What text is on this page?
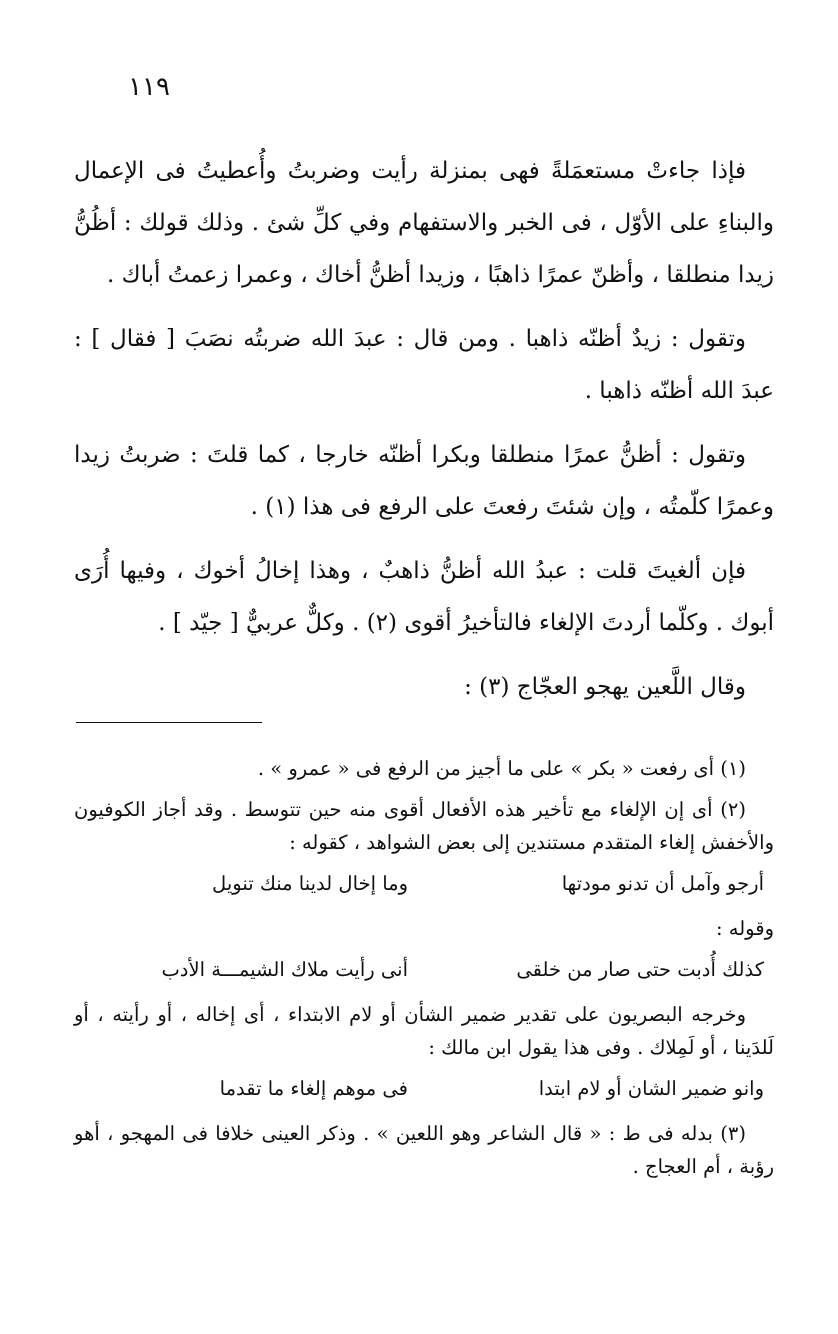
١١٩

فإذا جاءتْ مستعمَلةً فهى بمنزلة رأيت وضربتُ وأُعطيتُ فى الإعمال والبناءِ على الأوّل ، فى الخبر والاستفهام وفي كلِّ شئ . وذلك قولك : أظُنُّ زيدا منطلقا ، وأظنّ عمرًا ذاهبًا ، وزيدا أظنُّ أخاك ، وعمرا زعمتُ أباك .

وتقول : زيدٌ أظنّه ذاهبا . ومن قال : عبدَ الله ضربتُه نصَبَ [ فقال ] : عبدَ الله أظنّه ذاهبا .

وتقول : أظنُّ عمرًا منطلقا وبكرا أظنّه خارجا ، كما قلتَ : ضربتُ زيدا وعمرًا كلّمتُه ، وإن شئتَ رفعتَ على الرفع فى هذا (١) .

فإن ألغيتَ قلت : عبدُ الله أظنُّ ذاهبٌ ، وهذا إخالُ أخوك ، وفيها أُرَى أبوك . وكلّما أردتَ الإلغاء فالتأخيرُ أقوى (٢) . وكلٌّ عربيٌّ [ جيّد ] .

وقال اللَّعين يهجو العجّاج (٣) :

(١) أى رفعت « بكر » على ما أجيز من الرفع فى « عمرو » .

(٢) أى إن الإلغاء مع تأخير هذه الأفعال أقوى منه حين تتوسط . وقد أجاز الكوفيون والأخفش إلغاء المتقدم مستندين إلى بعض الشواهد ، كقوله :

أرجو وآمل أن تدنو مودتها
وما إخال لدينا منك تنويل

وقوله :

كذلك أُدبت حتى صار من خلقى
أنى رأيت ملاك الشيمـــة الأدب

وخرجه البصريون على تقدير ضمير الشأن أو لام الابتداء ، أى إخاله ، أو رأيته ، أو لَلدَينا ، أو لَمِلاك . وفى هذا يقول ابن مالك :

وانو ضمير الشان أو لام ابتدا
فى موهم إلغاء ما تقدما

(٣) بدله فى ط : « قال الشاعر وهو اللعين » . وذكر العينى خلافا فى المهجو ، أهو رؤبة ، أم العجاج .
